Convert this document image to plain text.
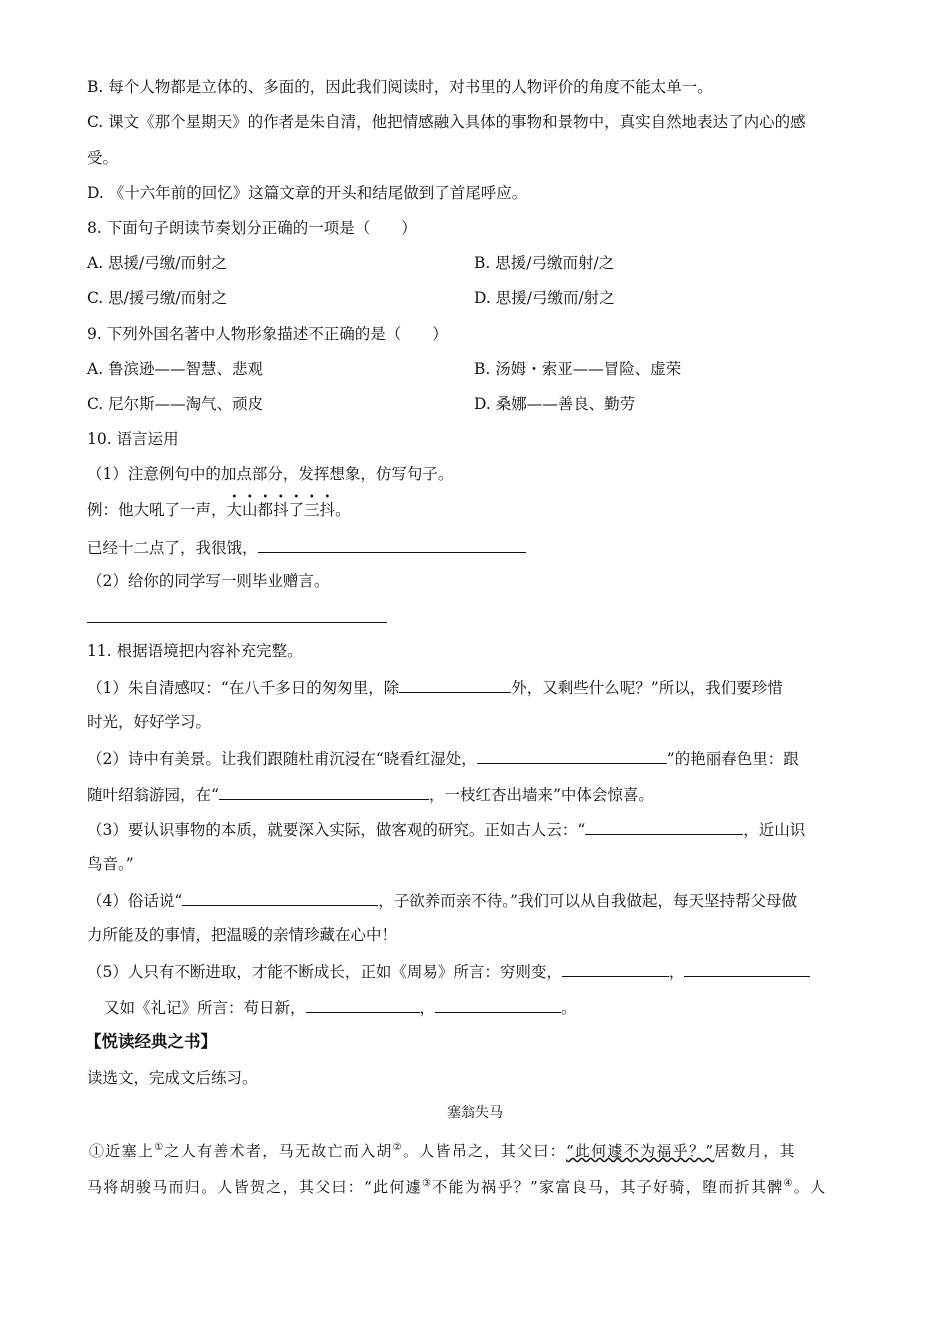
B. 每个人物都是立体的、多面的，因此我们阅读时，对书里的人物评价的角度不能太单一。
C. 课文《那个星期天》的作者是朱自清，他把情感融入具体的事物和景物中，真实自然地表达了内心的感
受。
D. 《十六年前的回忆》这篇文章的开头和结尾做到了首尾呼应。
8. 下面句子朗读节奏划分正确的一项是（　　）
A. 思援/弓缴/而射之	B. 思援/弓缴而射/之
C. 思/援弓缴/而射之	D. 思援/弓缴而/射之
9. 下列外国名著中人物形象描述不正确的是（　　）
A. 鲁滨逊——智慧、悲观	B. 汤姆・索亚——冒险、虚荣
C. 尼尔斯——淘气、顽皮	D. 桑娜——善良、勤劳
10. 语言运用
（1）注意例句中的加点部分，发挥想象，仿写句子。
例：他大吼了一声，大山都抖了三抖。
已经十二点了，我很饿，
（2）给你的同学写一则毕业赠言。
11. 根据语境把内容补充完整。
（1）朱自清感叹：“在八千多日的匆匆里，除	外，又剩些什么呢？”所以，我们要珍惜
时光，好好学习。
（2）诗中有美景。让我们跟随杜甫沉浸在“晓看红湿处，	”的艳丽春色里：跟
随叶绍翁游园，在“	，一枝红杏出墙来”中体会惊喜。
（3）要认识事物的本质，就要深入实际，做客观的研究。正如古人云：“	，近山识
鸟音。”
（4）俗话说“	，子欲养而亲不待。”我们可以从自我做起，每天坚持帮父母做
力所能及的事情，把温暖的亲情珍藏在心中！
（5）人只有不断进取，才能不断成长，正如《周易》所言：穷则变，	，
又如《礼记》所言：苟日新，	，	。
【悦读经典之书】
读选文，完成文后练习。
塞翁失马
①近塞上①之人有善术者，马无故亡而入胡②。人皆吊之，其父曰：“此何遽不为福乎？”居数月，其
马将胡骏马而归。人皆贺之，其父曰：“此何遽③不能为祸乎？”家富良马，其子好骑，堕而折其髀④。人
